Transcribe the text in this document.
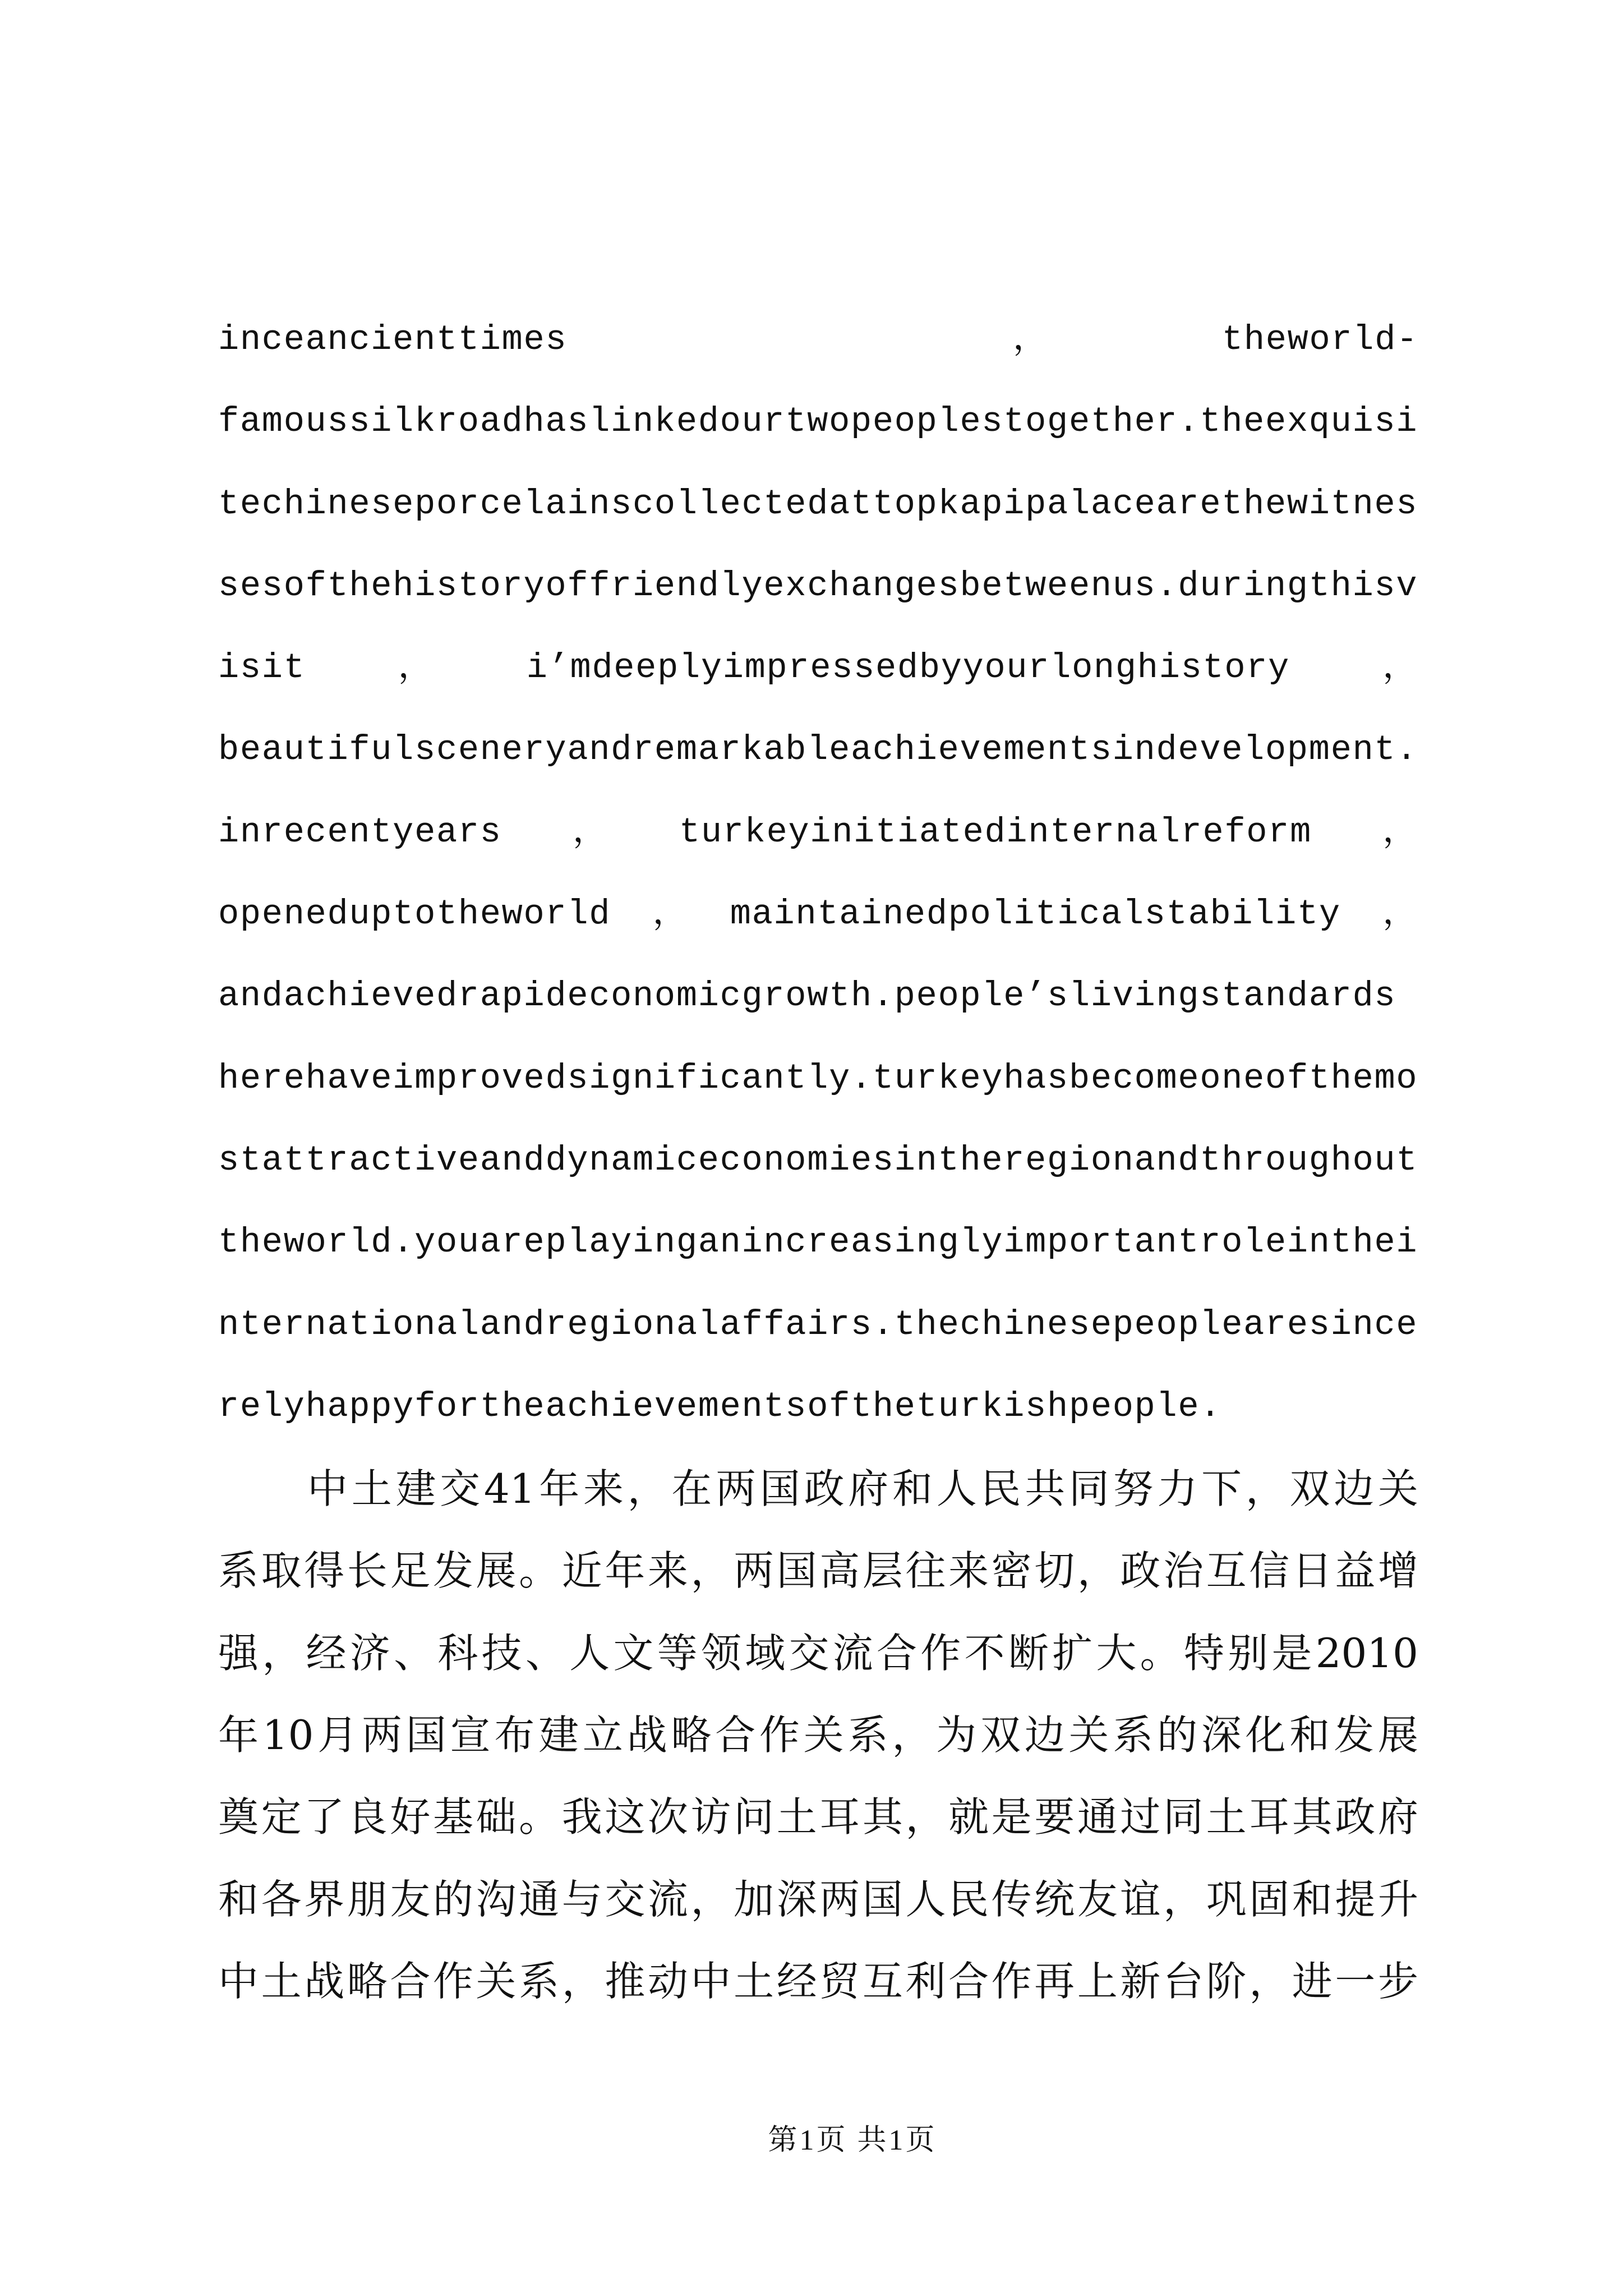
inceancienttimes	，	theworld-
famoussilkroadhaslinkedourtwopeoplestogether.theexquisi
techineseporcelainscollectedattopkapipalacearethewitnes
sesofthehistoryoffriendlyexchangesbetweenus.duringthisv
isit	，	i’mdeeplyimpressedbyyourlonghistory	，
beautifulsceneryandremarkableachievementsindevelopment.
inrecentyears ， turkeyinitiatedinternalreform ，
openeduptotheworld ， maintainedpoliticalstability ，
andachievedrapideconomicgrowth.people’slivingstandards
herehaveimprovedsignificantly.turkeyhasbecomeoneofthemo
stattractiveanddynamiceconomiesintheregionandthroughout
theworld.youareplayinganincreasinglyimportantroleinthei
nternationalandregionalaffairs.thechinesepeoplearesince
relyhappyfortheachievementsoftheturkishpeople.
中土建交41年来，在两国政府和人民共同努力下，双边关
系取得长足发展。近年来，两国高层往来密切，政治互信日益增
强，经济、科技、人文等领域交流合作不断扩大。特别是2010
年10月两国宣布建立战略合作关系，为双边关系的深化和发展
奠定了良好基础。我这次访问土耳其，就是要通过同土耳其政府
和各界朋友的沟通与交流，加深两国人民传统友谊，巩固和提升
中土战略合作关系，推动中土经贸互利合作再上新台阶，进一步
第1页 共1页
